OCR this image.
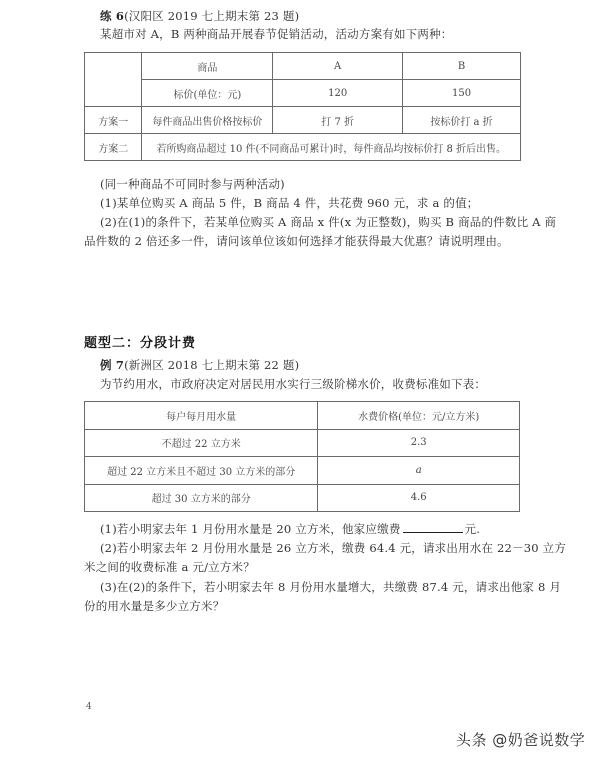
练 6(汉阳区 2019 七上期末第 23 题)
某超市对 A，B 两种商品开展春节促销活动，活动方案有如下两种：
	商品	A	B
	标价(单位：元)	120	150
方案一	每件商品出售价格按标价	打 7 折	按标价打 a 折
方案二	若所购商品超过 10 件(不同商品可累计)时，每件商品均按标价打 8 折后出售。		
(同一种商品不可同时参与两种活动)
(1)某单位购买 A 商品 5 件，B 商品 4 件，共花费 960 元，求 a 的值；
(2)在(1)的条件下，若某单位购买 A 商品 x 件(x 为正整数)，购买 B 商品的件数比 A 商
品件数的 2 倍还多一件，请问该单位该如何选择才能获得最大优惠？请说明理由。
题型二：分段计费
例 7(新洲区 2018 七上期末第 22 题)
为节约用水，市政府决定对居民用水实行三级阶梯水价，收费标准如下表：
每户每月用水量	水费价格(单位：元/立方米)
不超过 22 立方米	2.3
超过 22 立方米且不超过 30 立方米的部分	a
超过 30 立方米的部分	4.6
(1)若小明家去年 1 月份用水量是 20 立方米，他家应缴费	元.
(2)若小明家去年 2 月份用水量是 26 立方米，缴费 64.4 元，请求出用水在 22－30 立方
米之间的收费标准 a 元/立方米？
(3)在(2)的条件下，若小明家去年 8 月份用水量增大，共缴费 87.4 元，请求出他家 8 月
份的用水量是多少立方米？
4
头条 @奶爸说数学
